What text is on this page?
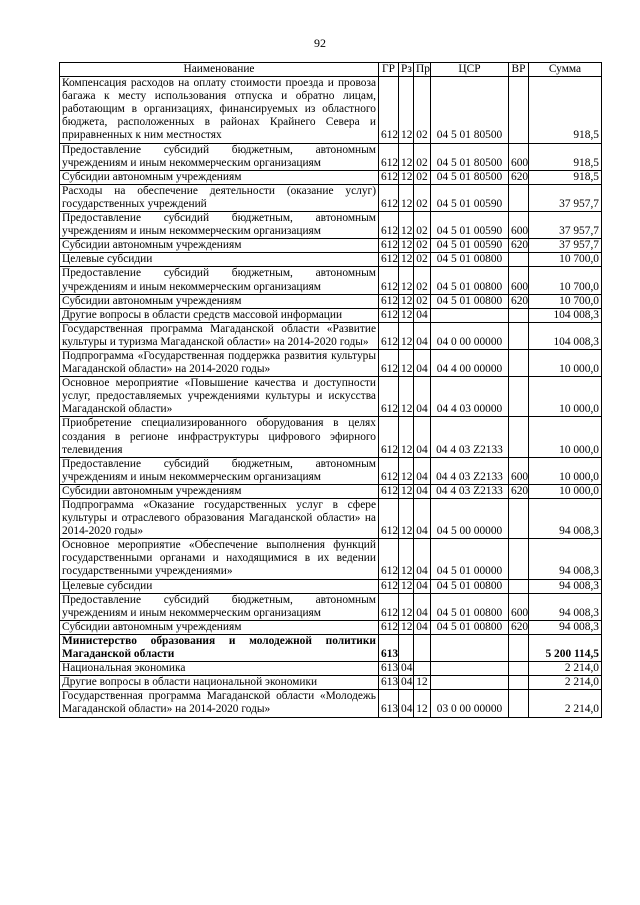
92
Наименование	ГР	Рз	Пр	ЦСР	ВР	Сумма
Компенсация расходов на оплату стоимости проезда и провоза багажа к месту использования отпуска и обратно лицам, работающим в организациях, финансируемых из областного бюджета, расположенных в районах Крайнего Севера и приравненных к ним местностях	612	12	02	04 5 01 80500		918,5
Предоставление субсидий бюджетным, автономным учреждениям и иным некоммерческим организациям	612	12	02	04 5 01 80500	600	918,5
Субсидии автономным учреждениям	612	12	02	04 5 01 80500	620	918,5
Расходы на обеспечение деятельности (оказание услуг) государственных учреждений	612	12	02	04 5 01 00590		37 957,7
Предоставление субсидий бюджетным, автономным учреждениям и иным некоммерческим организациям	612	12	02	04 5 01 00590	600	37 957,7
Субсидии автономным учреждениям	612	12	02	04 5 01 00590	620	37 957,7
Целевые субсидии	612	12	02	04 5 01 00800		10 700,0
Предоставление субсидий бюджетным, автономным учреждениям и иным некоммерческим организациям	612	12	02	04 5 01 00800	600	10 700,0
Субсидии автономным учреждениям	612	12	02	04 5 01 00800	620	10 700,0
Другие вопросы в области средств массовой информации	612	12	04			104 008,3
Государственная программа Магаданской области «Развитие культуры и туризма Магаданской области» на 2014-2020 годы»	612	12	04	04 0 00 00000		104 008,3
Подпрограмма «Государственная поддержка развития культуры Магаданской области» на 2014-2020 годы»	612	12	04	04 4 00 00000		10 000,0
Основное мероприятие «Повышение качества и доступности услуг, предоставляемых учреждениями культуры и искусства Магаданской области»	612	12	04	04 4 03 00000		10 000,0
Приобретение специализированного оборудования в целях создания в регионе инфраструктуры цифрового эфирного телевидения	612	12	04	04 4 03 Z2133		10 000,0
Предоставление субсидий бюджетным, автономным учреждениям и иным некоммерческим организациям	612	12	04	04 4 03 Z2133	600	10 000,0
Субсидии автономным учреждениям	612	12	04	04 4 03 Z2133	620	10 000,0
Подпрограмма «Оказание государственных услуг в сфере культуры и отраслевого образования Магаданской области» на 2014-2020 годы»	612	12	04	04 5 00 00000		94 008,3
Основное мероприятие «Обеспечение выполнения функций государственными органами и находящимися в их ведении государственными учреждениями»	612	12	04	04 5 01 00000		94 008,3
Целевые субсидии	612	12	04	04 5 01 00800		94 008,3
Предоставление субсидий бюджетным, автономным учреждениям и иным некоммерческим организациям	612	12	04	04 5 01 00800	600	94 008,3
Субсидии автономным учреждениям	612	12	04	04 5 01 00800	620	94 008,3
Министерство образования и молодежной политики Магаданской области	613					5 200 114,5
Национальная экономика	613	04				2 214,0
Другие вопросы в области национальной экономики	613	04	12			2 214,0
Государственная программа Магаданской области «Молодежь Магаданской области» на 2014-2020 годы»	613	04	12	03 0 00 00000		2 214,0
